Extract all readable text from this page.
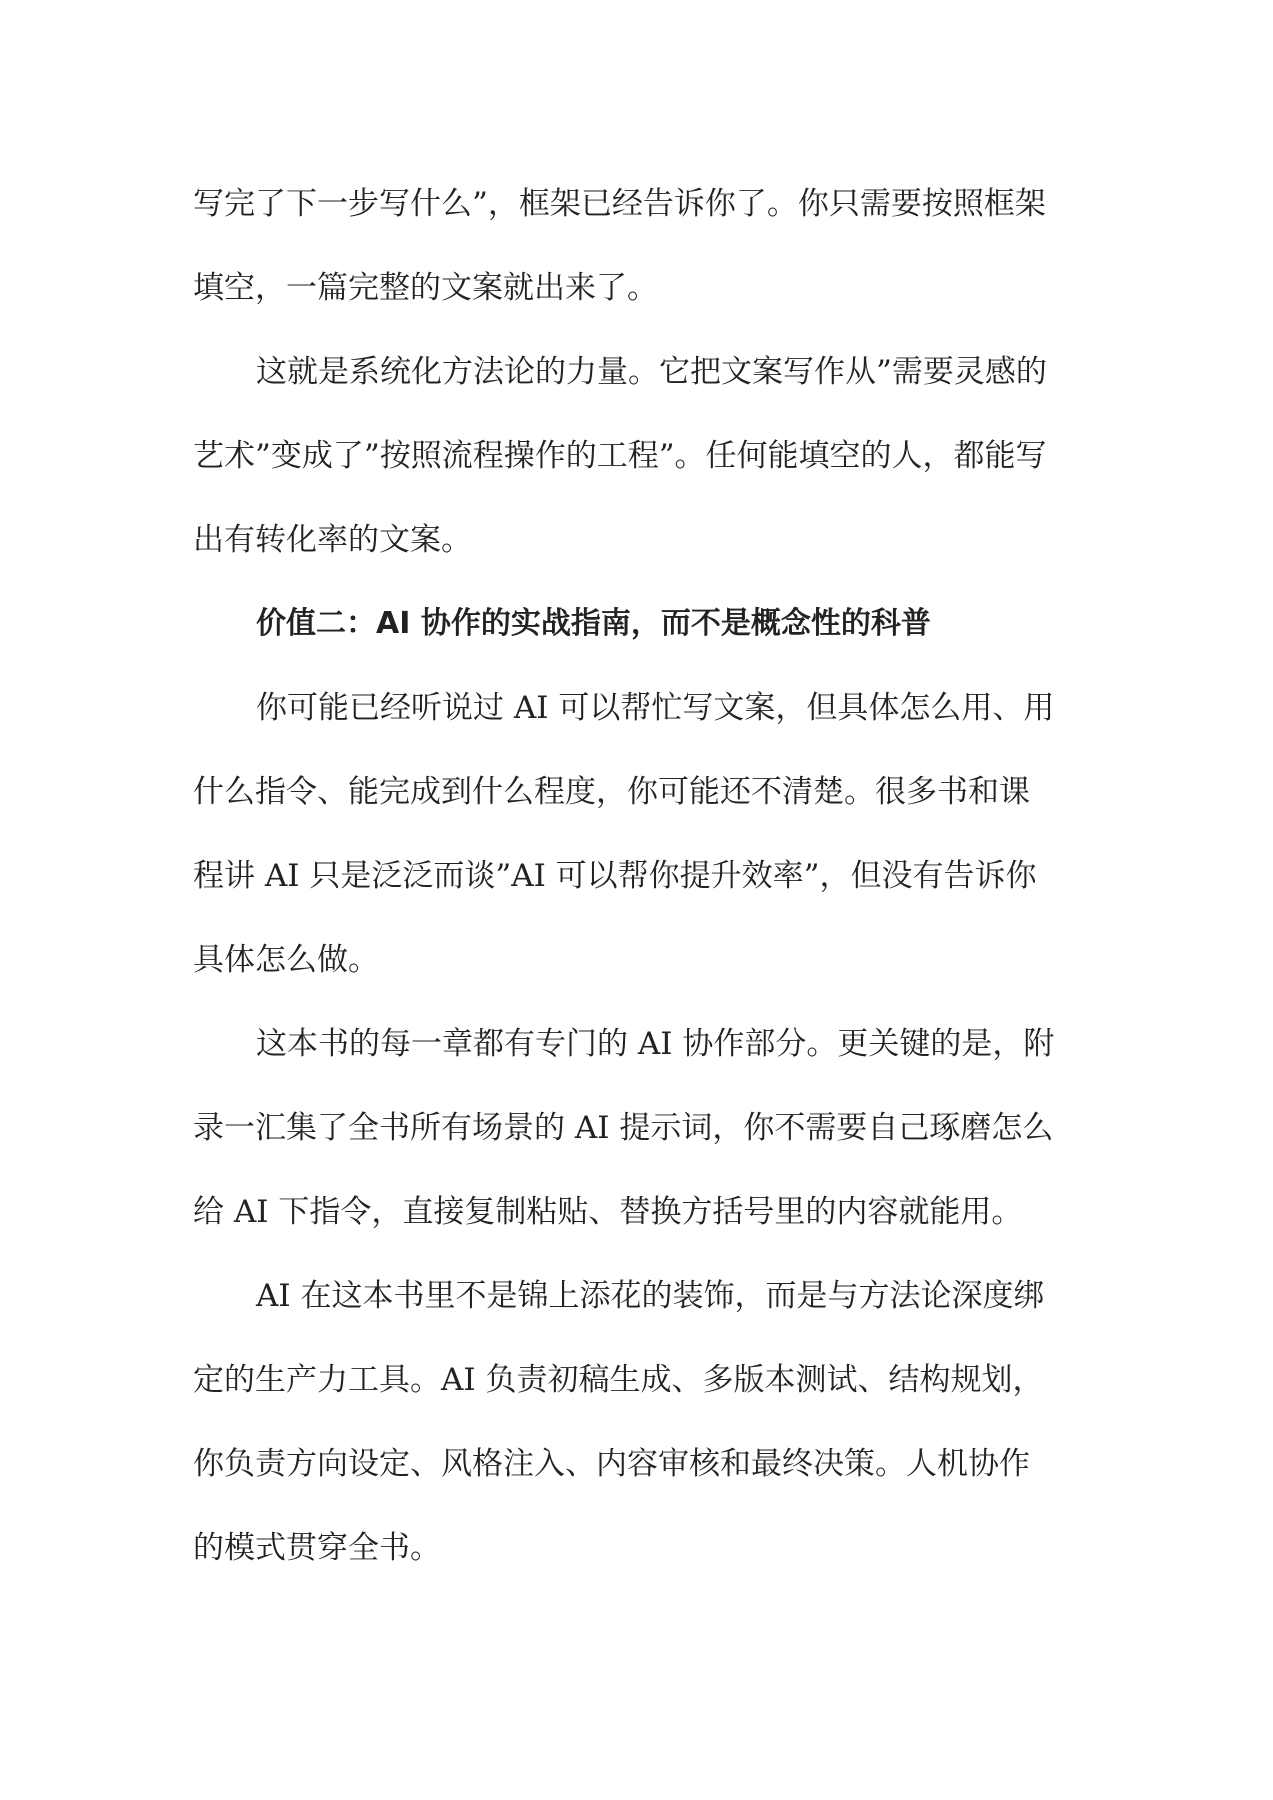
写完了下一步写什么”，框架已经告诉你了。你只需要按照框架
填空，一篇完整的文案就出来了。
这就是系统化方法论的力量。它把文案写作从”需要灵感的
艺术”变成了”按照流程操作的工程”。任何能填空的人，都能写
出有转化率的文案。
价值二：AI 协作的实战指南，而不是概念性的科普
你可能已经听说过 AI 可以帮忙写文案，但具体怎么用、用
什么指令、能完成到什么程度，你可能还不清楚。很多书和课
程讲 AI 只是泛泛而谈”AI 可以帮你提升效率”，但没有告诉你
具体怎么做。
这本书的每一章都有专门的 AI 协作部分。更关键的是，附
录一汇集了全书所有场景的 AI 提示词，你不需要自己琢磨怎么
给 AI 下指令，直接复制粘贴、替换方括号里的内容就能用。
AI 在这本书里不是锦上添花的装饰，而是与方法论深度绑
定的生产力工具。AI 负责初稿生成、多版本测试、结构规划，
你负责方向设定、风格注入、内容审核和最终决策。人机协作
的模式贯穿全书。
